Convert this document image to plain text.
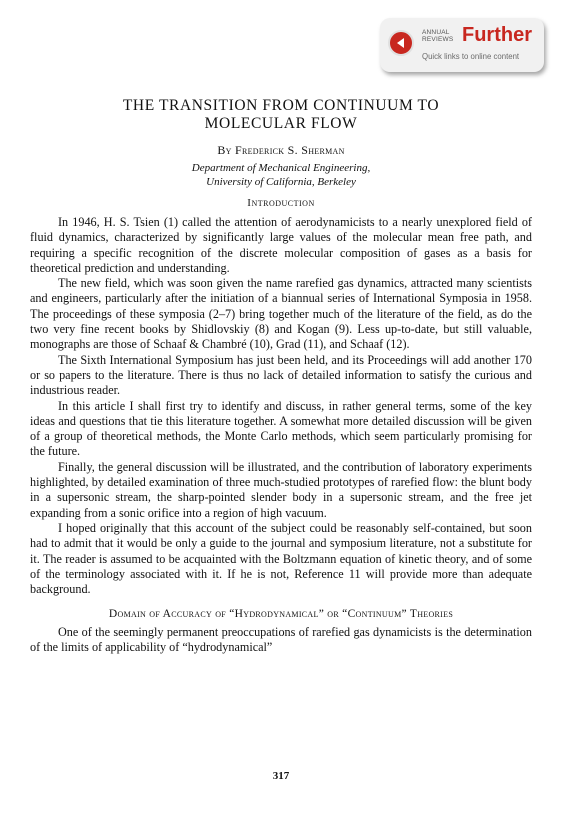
ANNUAL
REVIEWS Further
Quick links to online content
THE TRANSITION FROM CONTINUUM TO
MOLECULAR FLOW
By Frederick S. Sherman
Department of Mechanical Engineering,
University of California, Berkeley
Introduction

In 1946, H. S. Tsien (1) called the attention of aerodynamicists to a nearly unexplored field of fluid dynamics, characterized by significantly large values of the molecular mean free path, and requiring a specific recognition of the discrete molecular composition of gases as a basis for theoretical prediction and understanding.

The new field, which was soon given the name rarefied gas dynamics, attracted many scientists and engineers, particularly after the initiation of a biannual series of International Symposia in 1958. The proceedings of these symposia (2–7) bring together much of the literature of the field, as do the two very fine recent books by Shidlovskiy (8) and Kogan (9). Less up-to-date, but still valuable, monographs are those of Schaaf & Chambré (10), Grad (11), and Schaaf (12).

The Sixth International Symposium has just been held, and its Proceedings will add another 170 or so papers to the literature. There is thus no lack of detailed information to satisfy the curious and industrious reader.

In this article I shall first try to identify and discuss, in rather general terms, some of the key ideas and questions that tie this literature together. A somewhat more detailed discussion will be given of a group of theoretical methods, the Monte Carlo methods, which seem particularly promising for the future.

Finally, the general discussion will be illustrated, and the contribution of laboratory experiments highlighted, by detailed examination of three much-studied prototypes of rarefied flow: the blunt body in a supersonic stream, the sharp-pointed slender body in a supersonic stream, and the free jet expanding from a sonic orifice into a region of high vacuum.

I hoped originally that this account of the subject could be reasonably self-contained, but soon had to admit that it would be only a guide to the journal and symposium literature, not a substitute for it. The reader is assumed to be acquainted with the Boltzmann equation of kinetic theory, and of some of the terminology associated with it. If he is not, Reference 11 will provide more than adequate background.

Domain of Accuracy of “Hydrodynamical” or “Continuum” Theories

One of the seemingly permanent preoccupations of rarefied gas dynamicists is the determination of the limits of applicability of “hydrodynamical”

317
